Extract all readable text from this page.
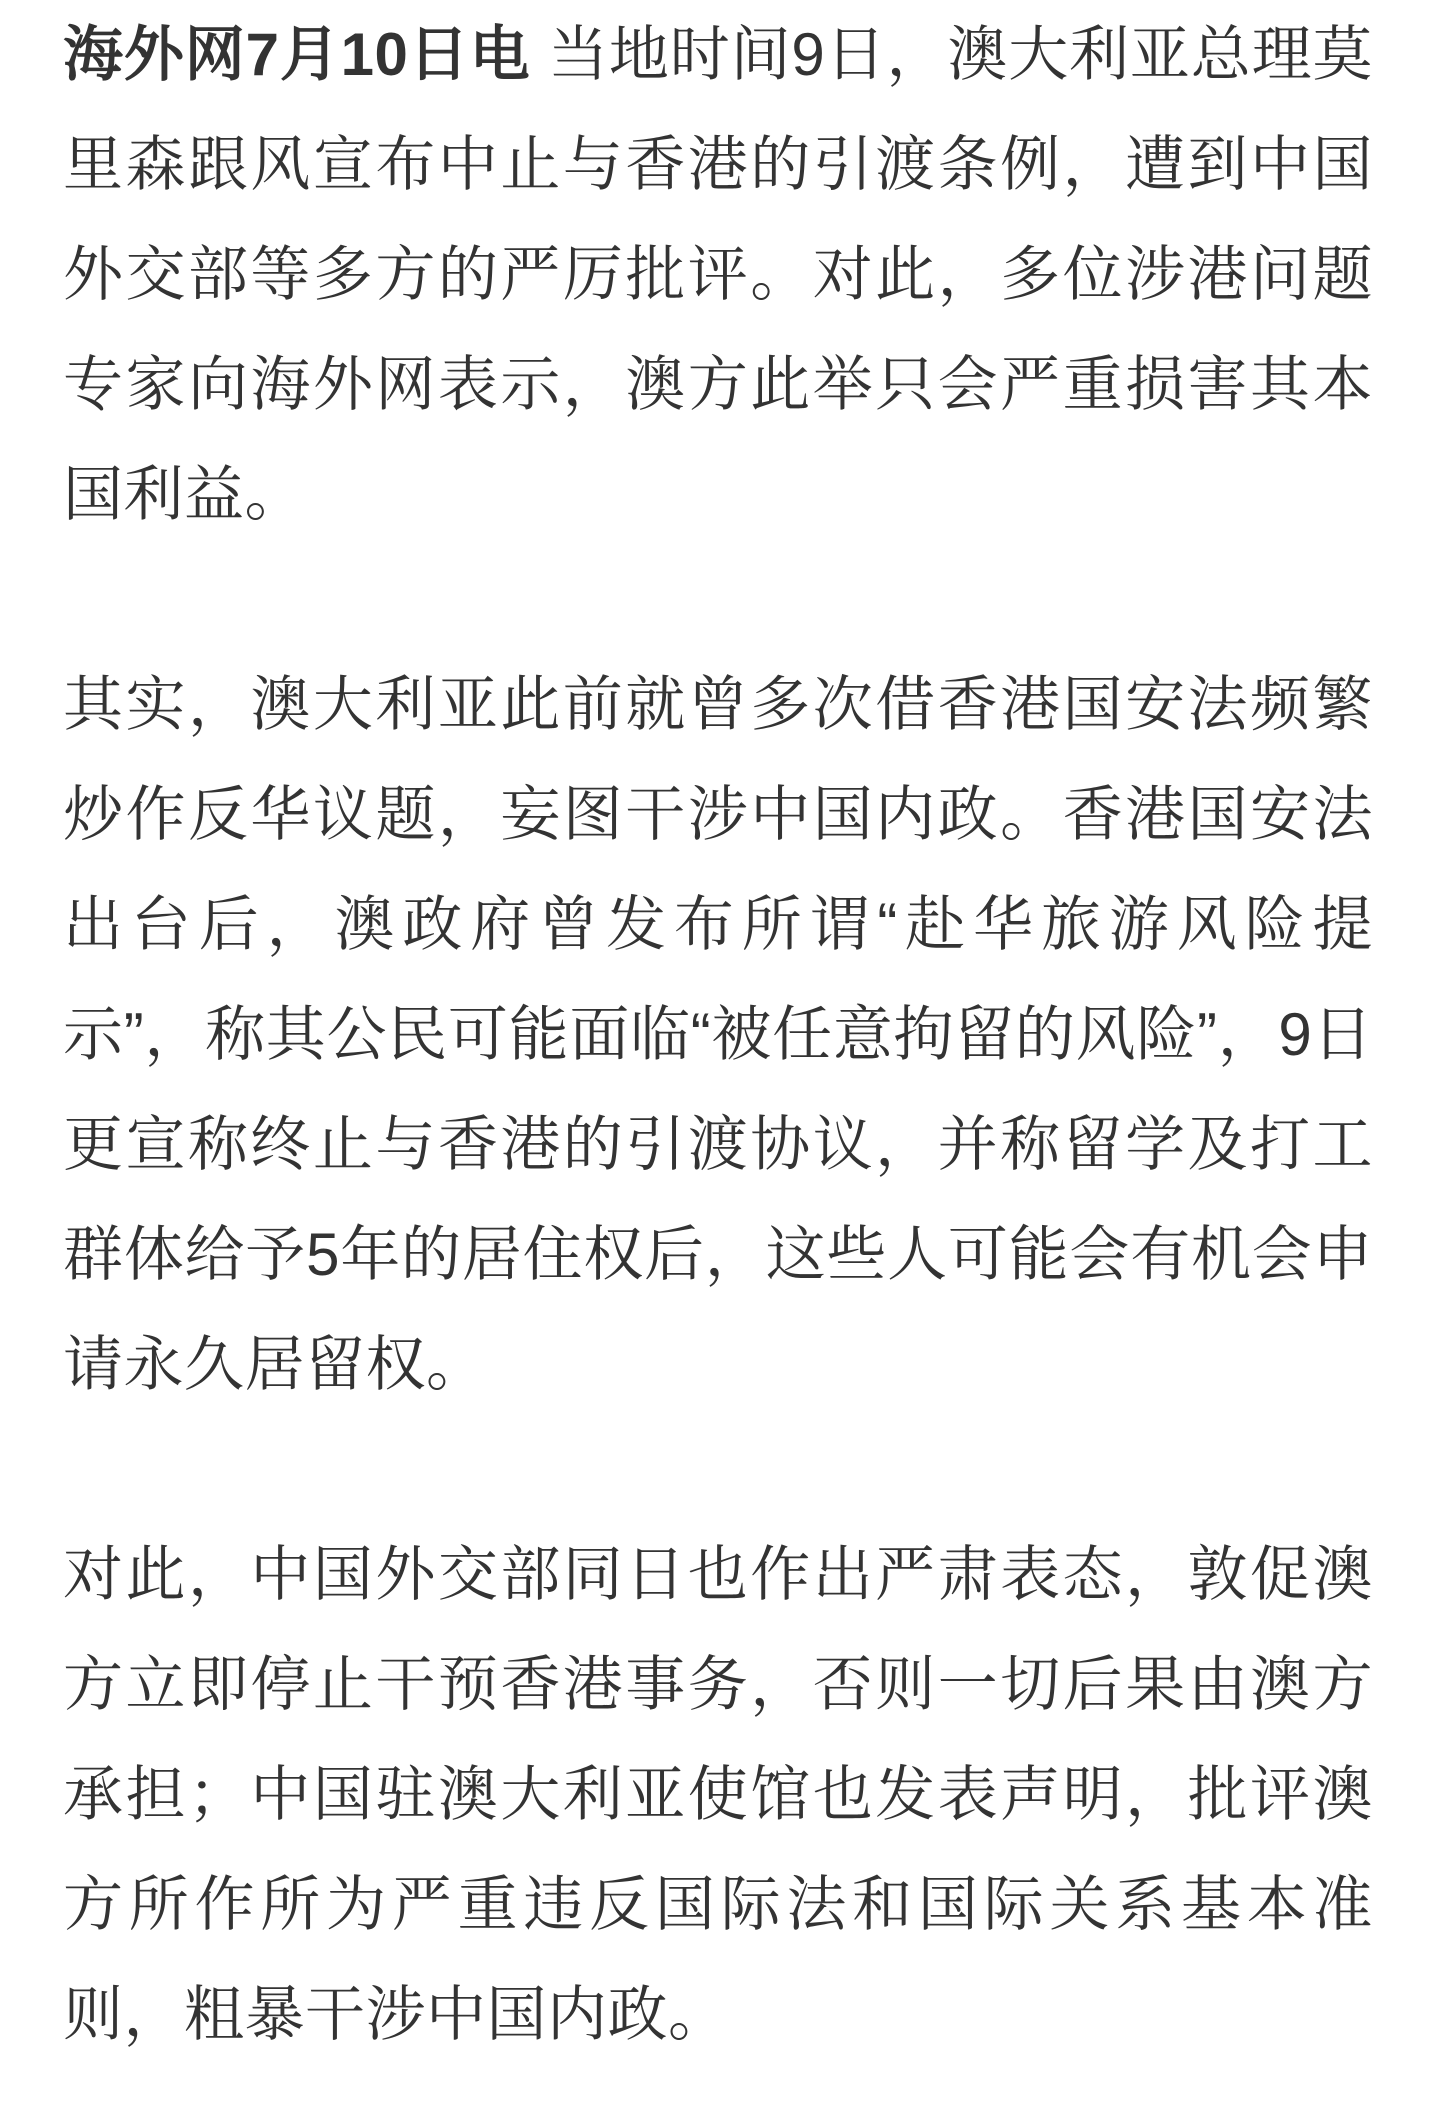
海外网7月10日电 当地时间9日，澳大利亚总理莫里森跟风宣布中止与香港的引渡条例，遭到中国外交部等多方的严厉批评。对此，多位涉港问题专家向海外网表示，澳方此举只会严重损害其本国利益。

其实，澳大利亚此前就曾多次借香港国安法频繁炒作反华议题，妄图干涉中国内政。香港国安法出台后，澳政府曾发布所谓“赴华旅游风险提示”，称其公民可能面临“被任意拘留的风险”，9日更宣称终止与香港的引渡协议，并称留学及打工群体给予5年的居住权后，这些人可能会有机会申请永久居留权。

对此，中国外交部同日也作出严肃表态，敦促澳方立即停止干预香港事务，否则一切后果由澳方承担；中国驻澳大利亚使馆也发表声明，批评澳方所作所为严重违反国际法和国际关系基本准则，粗暴干涉中国内政。
